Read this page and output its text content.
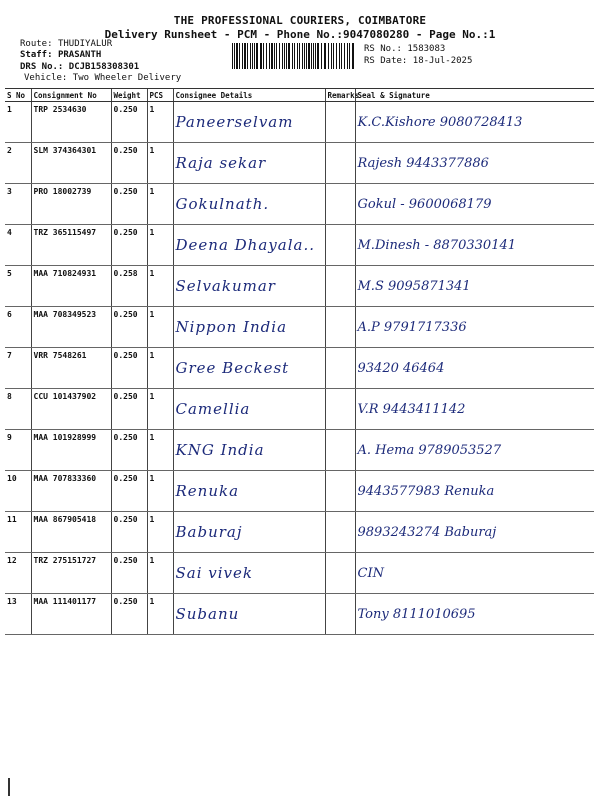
THE PROFESSIONAL COURIERS, COIMBATORE
Delivery Runsheet - PCM - Phone No.:9047080280 - Page No.:1
Route: THUDIYALUR
Staff: PRASANTH
DRS No.: DCJB158308301
Vehicle: Two Wheeler Delivery
RS No.: 1583083
RS Date: 18-Jul-2025
S No	Consignment No	Weight	PCS	Consignee Details	Remarks	Seal & Signature
1	TRP 2534630	0.250	1	Paneerselvam		K.C.Kishore 9080728413
2	SLM 374364301	0.250	1	Raja sekar		Rajesh 9443377886
3	PRO 18002739	0.250	1	Gokulnath.		Gokul - 9600068179
4	TRZ 365115497	0.250	1	Deena Dhayala..		M.Dinesh - 8870330141
5	MAA 710824931	0.258	1	Selvakumar		M.S 9095871341
6	MAA 708349523	0.250	1	Nippon India		A.P 9791717336
7	VRR 7548261	0.250	1	Gree Beckest		93420 46464
8	CCU 101437902	0.250	1	Camellia		V.R 9443411142
9	MAA 101928999	0.250	1	KNG India		A. Hema 9789053527
10	MAA 707833360	0.250	1	Renuka		9443577983 Renuka
11	MAA 867905418	0.250	1	Baburaj		9893243274 Baburaj
12	TRZ 275151727	0.250	1	Sai vivek		CIN
13	MAA 111401177	0.250	1	Subanu		Tony 8111010695
